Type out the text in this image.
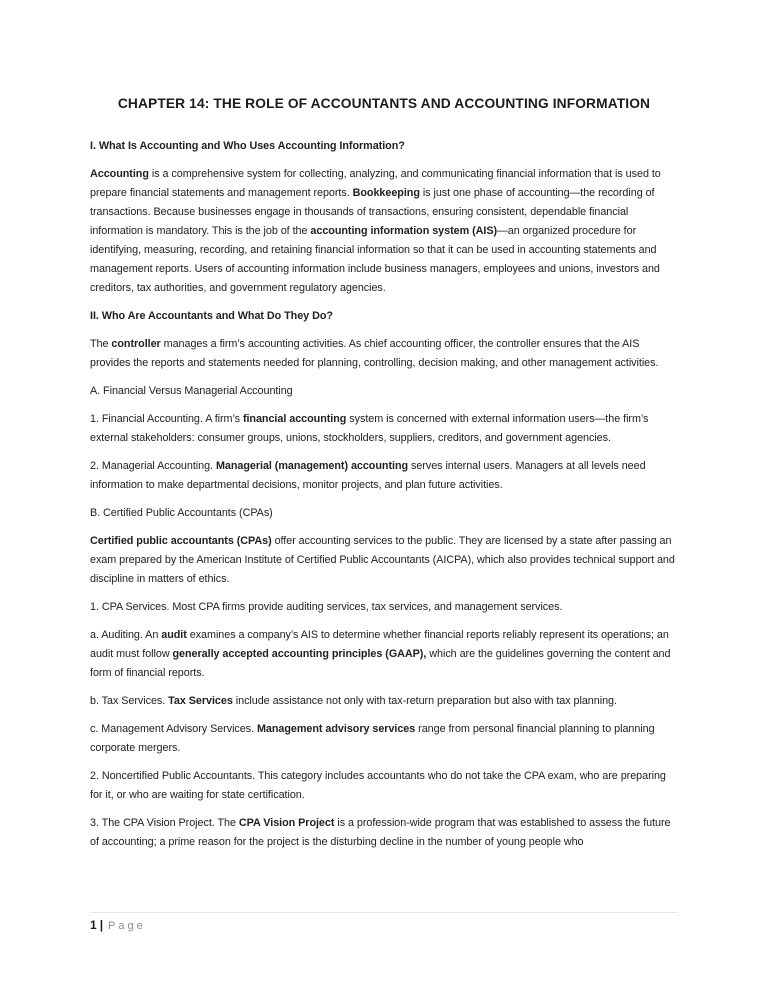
CHAPTER 14: THE ROLE OF ACCOUNTANTS AND ACCOUNTING INFORMATION

I. What Is Accounting and Who Uses Accounting Information?

Accounting is a comprehensive system for collecting, analyzing, and communicating financial information that is used to prepare financial statements and management reports. Bookkeeping is just one phase of accounting—the recording of transactions. Because businesses engage in thousands of transactions, ensuring consistent, dependable financial information is mandatory. This is the job of the accounting information system (AIS)—an organized procedure for identifying, measuring, recording, and retaining financial information so that it can be used in accounting statements and management reports. Users of accounting information include business managers, employees and unions, investors and creditors, tax authorities, and government regulatory agencies.

II. Who Are Accountants and What Do They Do?

The controller manages a firm’s accounting activities. As chief accounting officer, the controller ensures that the AIS provides the reports and statements needed for planning, controlling, decision making, and other management activities.

A. Financial Versus Managerial Accounting

1. Financial Accounting. A firm’s financial accounting system is concerned with external information users—the firm’s external stakeholders: consumer groups, unions, stockholders, suppliers, creditors, and government agencies.

2. Managerial Accounting. Managerial (management) accounting serves internal users. Managers at all levels need information to make departmental decisions, monitor projects, and plan future activities.

B. Certified Public Accountants (CPAs)

Certified public accountants (CPAs) offer accounting services to the public. They are licensed by a state after passing an exam prepared by the American Institute of Certified Public Accountants (AICPA), which also provides technical support and discipline in matters of ethics.

1. CPA Services. Most CPA firms provide auditing services, tax services, and management services.

a. Auditing. An audit examines a company’s AIS to determine whether financial reports reliably represent its operations; an audit must follow generally accepted accounting principles (GAAP), which are the guidelines governing the content and form of financial reports.

b. Tax Services. Tax Services include assistance not only with tax-return preparation but also with tax planning.

c. Management Advisory Services. Management advisory services range from personal financial planning to planning corporate mergers.

2. Noncertified Public Accountants. This category includes accountants who do not take the CPA exam, who are preparing for it, or who are waiting for state certification.

3. The CPA Vision Project. The CPA Vision Project is a profession-wide program that was established to assess the future of accounting; a prime reason for the project is the disturbing decline in the number of young people who

1 | Page
